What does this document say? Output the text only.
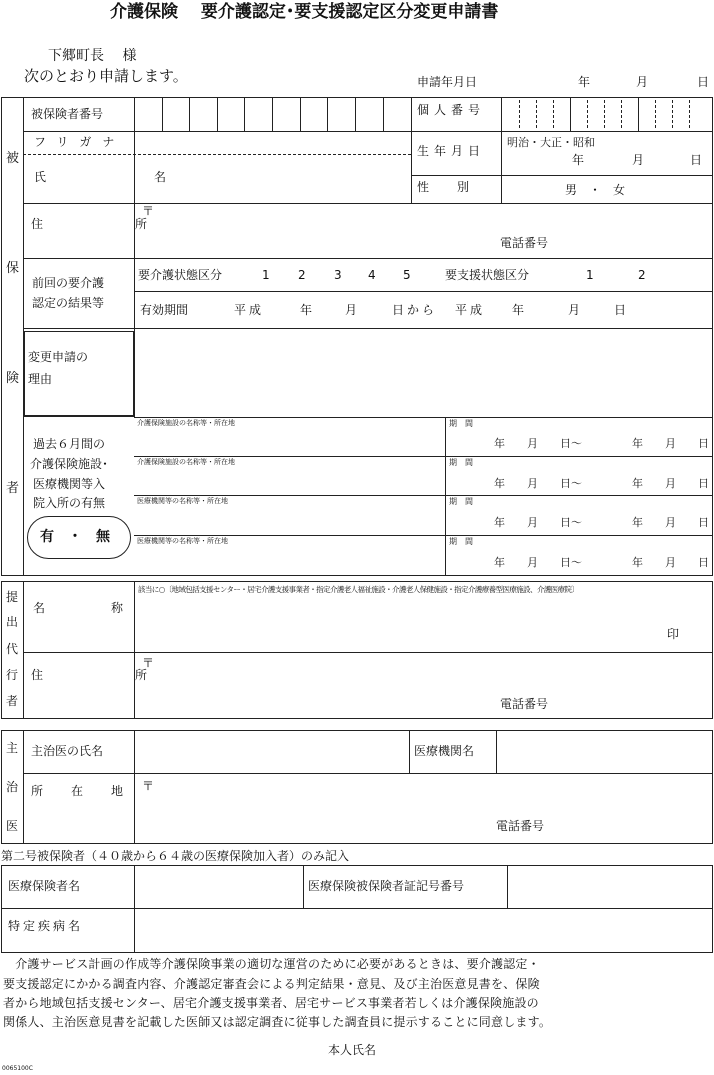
介護保険　 要介護認定･要支援認定区分変更申請書
下郷町長　 様
次のとおり申請します。	申請年月日	年	月	日
被
保
険
者
被保険者番号	個人番号
フリガナ
氏　名
生年月日
明治・大正・昭和
年	月	日
性　別	男　・　女
住　所
〒
電話番号
前回の要介護
認定の結果等
要介護状態区分	1 2 3 4 5	要支援状態区分	1	2
有効期間	平成	年	月	日から 平成 年	月	日
変更申請の
理由
過去６月間の
介護保険施設･
医療機関等入
院入所の有無
有　・　無
介護保険施設の名称等・所在地	期　間
年　　月　　日～	年　　月　　日
介護保険施設の名称等・所在地	期　間
年　　月　　日～	年　　月　　日
医療機関等の名称等・所在地	期　間
年　　月　　日～	年　　月　　日
医療機関等の名称等・所在地	期　間
年　　月　　日～	年　　月　　日
提
出
代
行
者
名　　称
該当に○〔地域包括支援センター・居宅介護支援事業者・指定介護老人福祉施設・介護老人保健施設・指定介護療養型医療施設、介護医療院〕
印
住　所
〒
電話番号
主
治
医
主治医の氏名	医療機関名
所　在　地 〒
電話番号
第二号被保険者（４０歳から６４歳の医療保険加入者）のみ記入
医療保険者名	医療保険被保険者証記号番号
特定疾病名
　介護サービス計画の作成等介護保険事業の適切な運営のために必要があるときは、要介護認定・
要支援認定にかかる調査内容、介護認定審査会による判定結果・意見、及び主治医意見書を、保険
者から地域包括支援センター、居宅介護支援事業者、居宅サービス事業者若しくは介護保険施設の
関係人、主治医意見書を記載した医師又は認定調査に従事した調査員に提示することに同意します。
本人氏名
0065100C
